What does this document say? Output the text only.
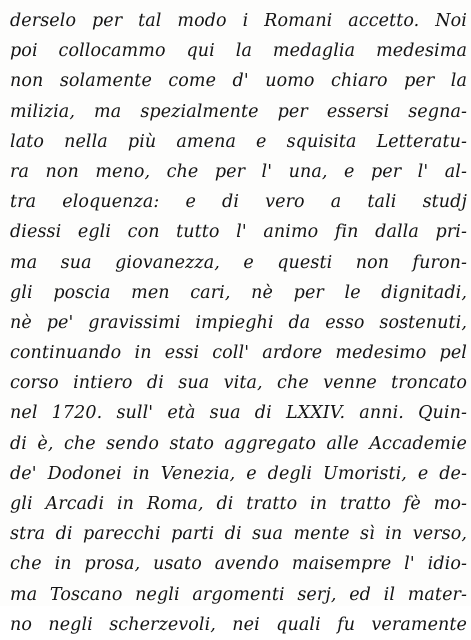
derselo per tal modo i Romani accetto. Noi
poi collocammo qui la medaglia medesima
non solamente come d' uomo chiaro per la
milizia, ma spezialmente per essersi segna-
lato nella più amena e squisita Letteratu-
ra non meno, che per l' una, e per l' al-
tra eloquenza: e di vero a tali studj
diessi egli con tutto l' animo fin dalla pri-
ma sua giovanezza, e questi non furon-
gli poscia men cari, nè per le dignitadi,
nè pe' gravissimi impieghi da esso sostenuti,
continuando in essi coll' ardore medesimo pel
corso intiero di sua vita, che venne troncato
nel 1720. sull' età sua di LXXIV. anni. Quin-
di è, che sendo stato aggregato alle Accademie
de' Dodonei in Venezia, e degli Umoristi, e de-
gli Arcadi in Roma, di tratto in tratto fè mo-
stra di parecchi parti di sua mente sì in verso,
che in prosa, usato avendo maisempre l' idio-
ma Toscano negli argomenti serj, ed il mater-
no negli scherzevoli, nei quali fu veramente
